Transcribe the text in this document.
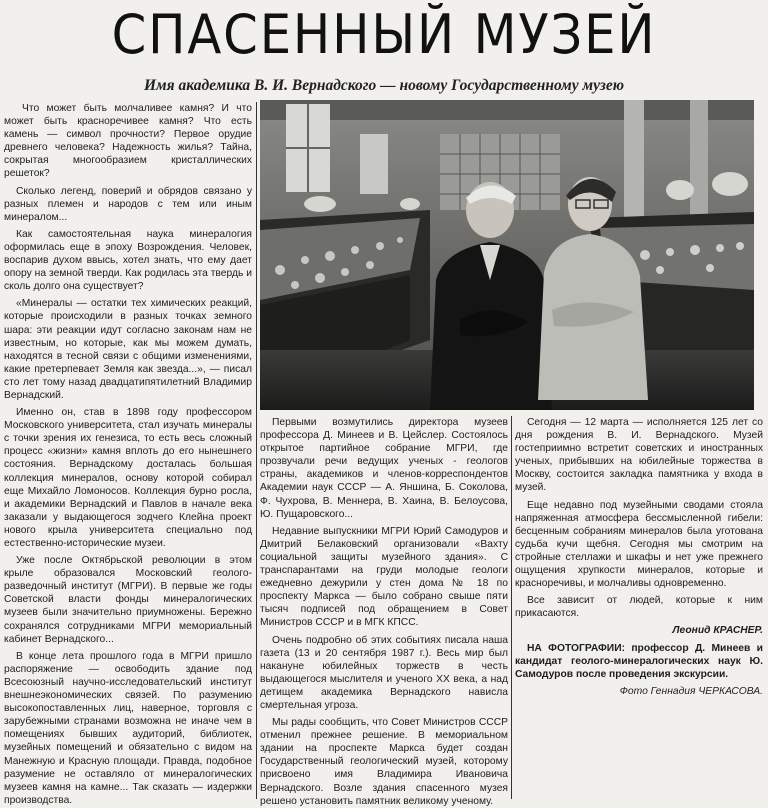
СПАСЕННЫЙ МУЗЕЙ
Имя академика В. И. Вернадского — новому Государственному музею

Что может быть молчаливее камня? И что может быть красноречивее камня? Что есть камень — символ прочности? Первое орудие древнего человека? Надежность жилья? Тайна, сокрытая многообразием кристаллических решеток?

Сколько легенд, поверий и обрядов связано у разных племен и народов с тем или иным минералом...

Как самостоятельная наука минералогия оформилась еще в эпоху Возрождения. Человек, воспарив духом ввысь, хотел знать, что ему дает опору на земной тверди. Как родилась эта твердь и сколь долго она существует?

«Минералы — остатки тех химических реакций, которые происходили в разных точках земного шара: эти реакции идут согласно законам нам не известным, но которые, как мы можем думать, находятся в тесной связи с общими изменениями, какие претерпевает Земля как звезда...», — писал сто лет тому назад двадцатипятилетний Владимир Вернадский.

Именно он, став в 1898 году профессором Московского университета, стал изучать минералы с точки зрения их генезиса, то есть весь сложный процесс «жизни» камня вплоть до его нынешнего состояния. Вернадскому досталась большая коллекция минералов, основу которой собирал еще Михайло Ломоносов. Коллекция бурно росла, и академики Вернадский и Павлов в начале века заказали у выдающегося зодчего Клейна проект нового крыла университета специально под естественно-исторические музеи.

Уже после Октябрьской революции в этом крыле образовался Московский геолого-разведочный институт (МГРИ). В первые же годы Советской власти фонды минералогических музеев были значительно приумножены. Бережно сохранялся сотрудниками МГРИ мемориальный кабинет Вернадского...

В конце лета прошлого года в МГРИ пришло распоряжение — освободить здание под Всесоюзный научно-исследовательский институт внешнеэкономических связей. По разумению высокопоставленных лиц, наверное, торговля с зарубежными странами возможна не иначе чем в помещениях бывших аудиторий, библиотек, музейных помещений и обязательно с видом на Манежную и Красную площади. Правда, подобное разумение не оставляло от минералогических музеев камня на камне... Так сказать — издержки производства.

Первыми возмутились директора музеев профессора Д. Минеев и В. Цейслер. Состоялось открытое партийное собрание МГРИ, где прозвучали речи ведущих ученых - геологов страны, академиков и членов-корреспондентов Академии наук СССР — А. Яншина, Б. Соколова, Ф. Чухрова, В. Меннера, В. Хаина, В. Белоусова, Ю. Пущаровского...

Недавние выпускники МГРИ Юрий Самодуров и Дмитрий Белаковский организовали «Вахту социальной защиты музейного здания». С транспарантами на груди молодые геологи ежедневно дежурили у стен дома № 18 по проспекту Маркса — было собрано свыше пяти тысяч подписей под обращением в Совет Министров СССР и в МГК КПСС.

Очень подробно об этих событиях писала наша газета (13 и 20 сентября 1987 г.). Весь мир был накануне юбилейных торжеств в честь выдающегося мыслителя и ученого XX века, а над детищем академика Вернадского нависла смертельная угроза.

Мы рады сообщить, что Совет Министров СССР отменил прежнее решение. В мемориальном здании на проспекте Маркса будет создан Государственный геологический музей, которому присвоено имя Владимира Ивановича Вернадского. Возле здания спасенного музея решено установить памятник великому ученому.

Сегодня — 12 марта — исполняется 125 лет со дня рождения В. И. Вернадского. Музей гостеприимно встретит советских и иностранных ученых, прибывших на юбилейные торжества в Москву, состоится закладка памятника у входа в музей.

Еще недавно под музейными сводами стояла напряженная атмосфера бессмысленной гибели: бесценным собраниям минералов была уготована судьба кучи щебня. Сегодня мы смотрим на стройные стеллажи и шкафы и нет уже прежнего ощущения хрупкости минералов, которые и красноречивы, и молчаливы одновременно.

Все зависит от людей, которые к ним прикасаются.

Леонид КРАСНЕР.

НА ФОТОГРАФИИ: профессор Д. Минеев и кандидат геолого-минералогических наук Ю. Самодуров после проведения экскурсии.

Фото Геннадия ЧЕРКАСОВА.
